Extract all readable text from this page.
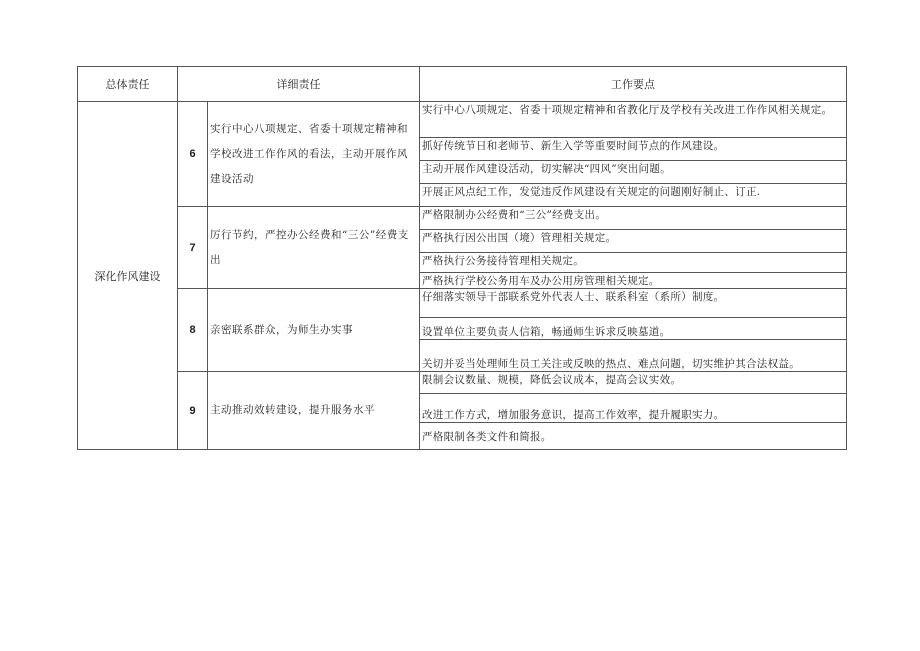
总体责任	详细责任		工作要点
深化作风建设	6	实行中心八项规定、省委十项规定精神和学校改进工作作风的看法，主动开展作风建设活动	实行中心八项规定、省委十项规定精神和省教化厅及学校有关改进工作作风相关规定。
			抓好传统节日和老师节、新生入学等重要时间节点的作风建设。
			主动开展作风建设活动，切实解决“四风”突出问题。
			开展正风点纪工作，发觉违反作风建设有关规定的问题刚好制止、订正.
	7	厉行节约，严控办公经费和“三公”经费支出	严格限制办公经费和“三公”经费支出。
			严格执行因公出国（境）管理相关规定。
			严格执行公务接待管理相关规定。
			严格执行学校公务用车及办公用房管理相关规定。
	8	亲密联系群众，为师生办实事	仔细落实领导干部联系党外代表人士、联系科室（系所）制度。
			设置单位主要负责人信箱，畅通师生诉求反映墓道。
			关切并妥当处理师生员工关注或反映的热点、难点问题，切实维护其合法权益。
	9	主动推动效转建设，提升服务水平	限制会议数量、规模，降低会议成本，提高会议实效。
			改进工作方式，增加服务意识，提高工作效率，提升履职实力。
			严格限制各类文件和简报。
